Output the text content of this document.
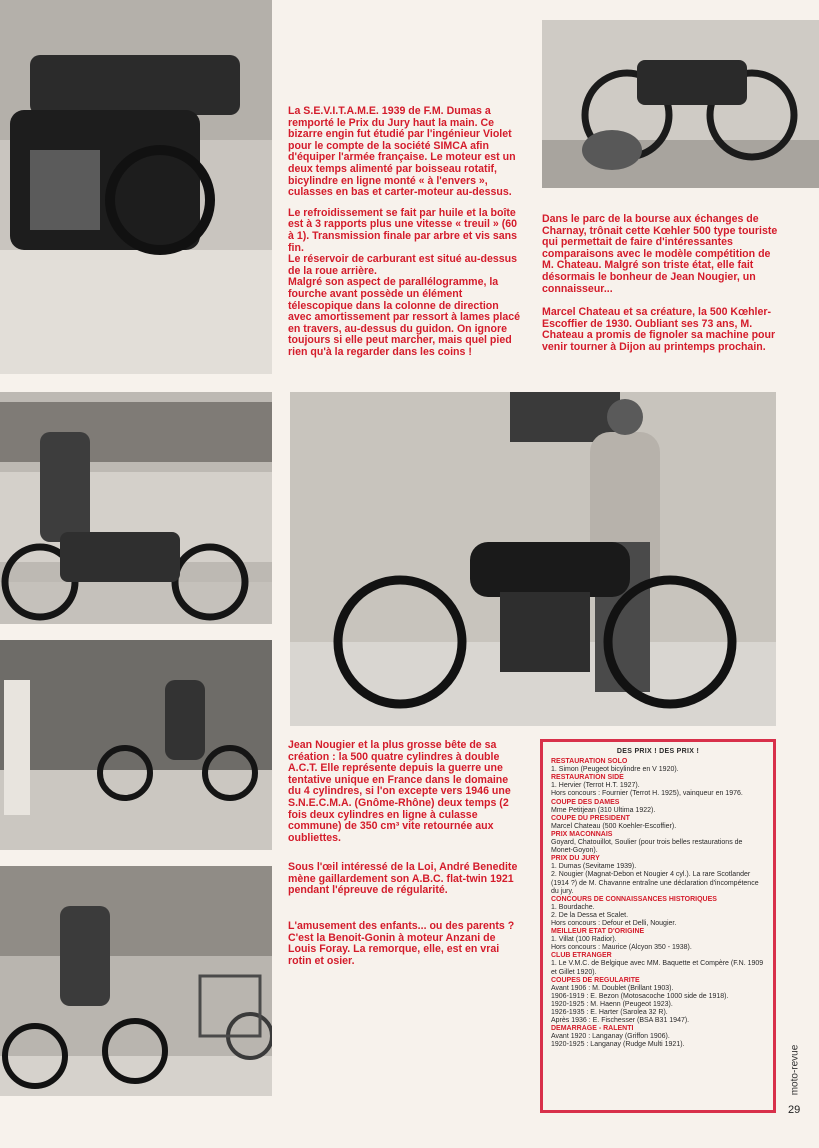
La S.E.V.I.T.A.M.E. 1939 de F.M. Dumas a remporté le Prix du Jury haut la main. Ce bizarre engin fut étudié par l'ingénieur Violet pour le compte de la société SIMCA afin d'équiper l'armée française. Le moteur est un deux temps alimenté par boisseau rotatif, bicylindre en ligne monté « à l'envers », culasses en bas et carter-moteur au-dessus.

Le refroidissement se fait par huile et la boîte est à 3 rapports plus une vitesse « treuil » (60 à 1). Transmission finale par arbre et vis sans fin.

Le réservoir de carburant est situé au-dessus de la roue arrière.

Malgré son aspect de parallélogramme, la fourche avant possède un élément télescopique dans la colonne de direction avec amortissement par ressort à lames placé en travers, au-dessus du guidon. On ignore toujours si elle peut marcher, mais quel pied rien qu'à la regarder dans les coins !

Dans le parc de la bourse aux échanges de Charnay, trônait cette Kœhler 500 type touriste qui permettait de faire d'intéressantes comparaisons avec le modèle compétition de M. Chateau. Malgré son triste état, elle fait désormais le bonheur de Jean Nougier, un connaisseur...

Marcel Chateau et sa créature, la 500 Kœhler-Escoffier de 1930. Oubliant ses 73 ans, M. Chateau a promis de fignoler sa machine pour venir tourner à Dijon au printemps prochain.

Jean Nougier et la plus grosse bête de sa création : la 500 quatre cylindres à double A.C.T. Elle représente depuis la guerre une tentative unique en France dans le domaine du 4 cylindres, si l'on excepte vers 1946 une S.N.E.C.M.A. (Gnôme-Rhône) deux temps (2 fois deux cylindres en ligne à culasse commune) de 350 cm³ vite retournée aux oubliettes.

Sous l'œil intéressé de la Loi, André Benedite mène gaillardement son A.B.C. flat-twin 1921 pendant l'épreuve de régularité.

L'amusement des enfants... ou des parents ? C'est la Benoit-Gonin à moteur Anzani de Louis Foray. La remorque, elle, est en vrai rotin et osier.

DES PRIX ! DES PRIX !

RESTAURATION SOLO

1. Simon (Peugeot bicylindre en V 1920).

RESTAURATION SIDE

1. Hervier (Terrot H.T. 1927).

Hors concours : Fournier (Terrot H. 1925), vainqueur en 1976.

COUPE DES DAMES

Mme Petitjean (310 Ultima 1922).

COUPE DU PRESIDENT

Marcel Chateau (500 Koehler-Escoffier).

PRIX MACONNAIS

Goyard, Chatouillot, Soulier (pour trois belles restaurations de Monet-Goyon).

PRIX DU JURY

1. Dumas (Sevitame 1939).

2. Nougier (Magnat-Debon et Nougier 4 cyl.). La rare Scotlander (1914 ?) de M. Chavanne entraîne une déclaration d'incompétence du jury.

CONCOURS DE CONNAISSANCES HISTORIQUES

1. Bourdache.

2. De la Dessa et Scalet.

Hors concours : Defour et Delli, Nougier.

MEILLEUR ETAT D'ORIGINE

1. Villat (100 Radior).

Hors concours : Maurice (Alcyon 350 - 1938).

CLUB ETRANGER

1. Le V.M.C. de Belgique avec MM. Baquette et Compère (F.N. 1909 et Gillet 1920).

COUPES DE REGULARITE

Avant 1906 : M. Doublet (Brillant 1903).

1906-1919 : E. Bezon (Motosacoche 1000 side de 1918).

1920-1925 : M. Haenn (Peugeot 1923).

1926-1935 : E. Harter (Sarolea 32 R).

Après 1936 : E. Fischesser (BSA B31 1947).

DEMARRAGE - RALENTI

Avant 1920 : Langanay (Griffon 1906).

1920-1925 : Langanay (Rudge Multi 1921).	moto-revue
29
